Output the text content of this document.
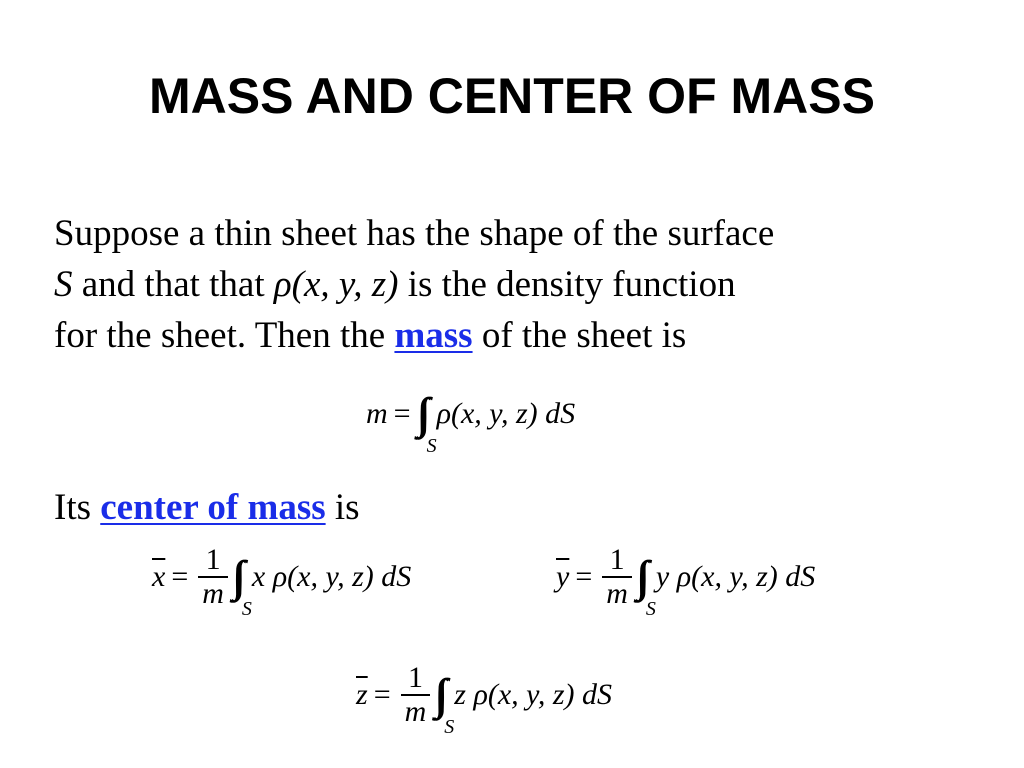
MASS AND CENTER OF MASS
Suppose a thin sheet has the shape of the surface
S and that that ρ(x, y, z) is the density function
for the sheet. Then the mass of the sheet is
m =
S
ρ(x, y, z) dS
Its center of mass is
$\overline{x} = \frac{1}{m}$ S
x ρ(x, y, z) dS	$\overline{y} = \frac{1}{m}$ S
y ρ(x, y, z) dS
$\overline{z} = \frac{1}{m}$ S
z ρ(x, y, z) dS
